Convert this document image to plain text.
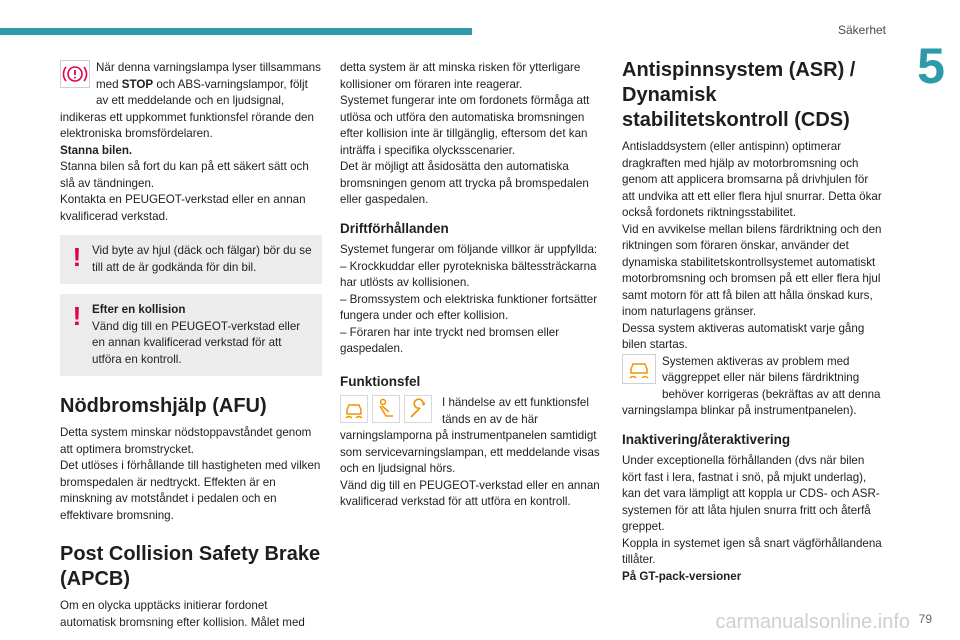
Säkerhet
5

När denna varningslampa lyser tillsammans med STOP och ABS-varningslampor, följt av ett meddelande och en ljudsignal, indikeras ett uppkommet funktionsfel rörande den elektroniska bromsfördelaren.

Stanna bilen.

Stanna bilen så fort du kan på ett säkert sätt och slå av tändningen.

Kontakta en PEUGEOT-verkstad eller en annan kvalificerad verkstad.

! Vid byte av hjul (däck och fälgar) bör du se till att de är godkända för din bil.
! Efter en kollision
Vänd dig till en PEUGEOT-verkstad eller en annan kvalificerad verkstad för att utföra en kontroll.
Nödbromshjälp (AFU)

Detta system minskar nödstoppavståndet genom att optimera bromstrycket.

Det utlöses i förhållande till hastigheten med vilken bromspedalen är nedtryckt. Effekten är en minskning av motståndet i pedalen och en effektivare bromsning.

Post Collision Safety Brake (APCB)

Om en olycka upptäcks initierar fordonet automatisk bromsning efter kollision. Målet med

detta system är att minska risken för ytterligare kollisioner om föraren inte reagerar.

Systemet fungerar inte om fordonets förmåga att utlösa och utföra den automatiska bromsningen efter kollision inte är tillgänglig, eftersom det kan inträffa i specifika olycksscenarier.

Det är möjligt att åsidosätta den automatiska bromsningen genom att trycka på bromspedalen eller gaspedalen.

Driftförhållanden

Systemet fungerar om följande villkor är uppfyllda:

– Krockkuddar eller pyrotekniska bältessträckarna har utlösts av kollisionen.

– Bromssystem och elektriska funktioner fortsätter fungera under och efter kollision.

– Föraren har inte tryckt ned bromsen eller gaspedalen.

Funktionsfel

I händelse av ett funktionsfel tänds en av de här varningslamporna på instrumentpanelen samtidigt som servicevarningslampan, ett meddelande visas och en ljudsignal hörs.

Vänd dig till en PEUGEOT-verkstad eller en annan kvalificerad verkstad för att utföra en kontroll.

Antispinnsystem (ASR) / Dynamisk stabilitetskontroll (CDS)

Antisladdsystem (eller antispinn) optimerar dragkraften med hjälp av motorbromsning och genom att applicera bromsarna på drivhjulen för att undvika att ett eller flera hjul snurrar. Detta ökar också fordonets riktningsstabilitet.

Vid en avvikelse mellan bilens färdriktning och den riktningen som föraren önskar, använder det dynamiska stabilitetskontrollsystemet automatiskt motorbromsning och bromsen på ett eller flera hjul samt motorn för att få bilen att hålla önskad kurs, inom naturlagens gränser.

Dessa system aktiveras automatiskt varje gång bilen startas.

Systemen aktiveras av problem med väggreppet eller när bilens färdriktning behöver korrigeras (bekräftas av att denna varningslampa blinkar på instrumentpanelen).

Inaktivering/återaktivering

Under exceptionella förhållanden (dvs när bilen kört fast i lera, fastnat i snö, på mjukt underlag), kan det vara lämpligt att koppla ur CDS- och ASR-systemen för att låta hjulen snurra fritt och återfå greppet.

Koppla in systemet igen så snart vägförhållandena tillåter.

På GT-pack-versioner

79
carmanualsonline.info
